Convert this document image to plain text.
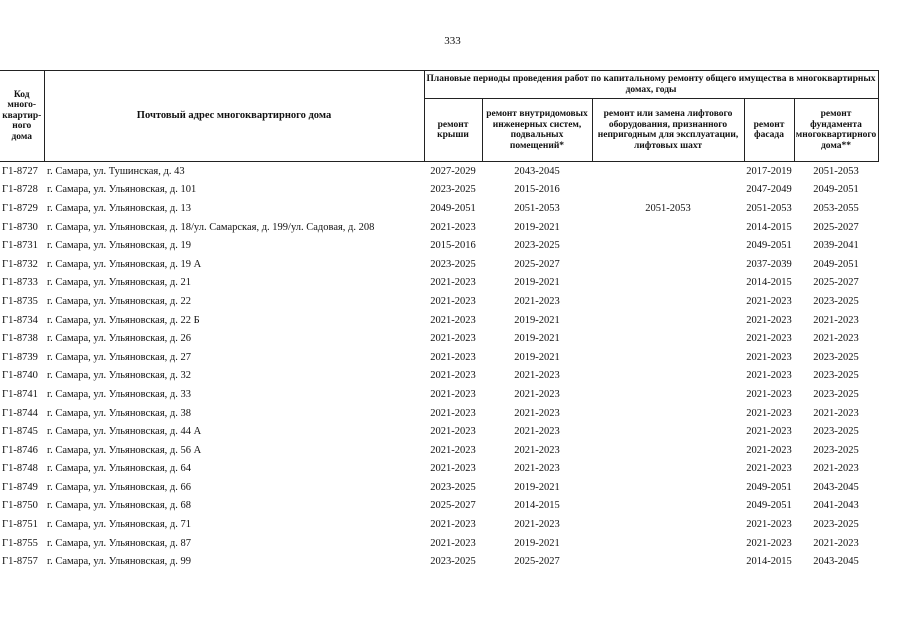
333
Код много-квартир-ного дома	Почтовый адрес многоквартирного дома	Плановые периоды проведения работ по капитальному ремонту общего имущества в многоквартирных домах, годы				
		ремонт крыши	ремонт внутридомовых инженерных систем, подвальных помещений*	ремонт или замена лифтового оборудования, признанного непригодным для эксплуатации, лифтовых шахт	ремонт фасада	ремонт фундамента многоквартирного дома**
Г1-8727	г. Самара, ул. Тушинская, д. 43	2027-2029	2043-2045		2017-2019	2051-2053
Г1-8728	г. Самара, ул. Ульяновская, д. 101	2023-2025	2015-2016		2047-2049	2049-2051
Г1-8729	г. Самара, ул. Ульяновская, д. 13	2049-2051	2051-2053	2051-2053	2051-2053	2053-2055
Г1-8730	г. Самара, ул. Ульяновская, д. 18/ул. Самарская, д. 199/ул. Садовая, д. 208	2021-2023	2019-2021		2014-2015	2025-2027
Г1-8731	г. Самара, ул. Ульяновская, д. 19	2015-2016	2023-2025		2049-2051	2039-2041
Г1-8732	г. Самара, ул. Ульяновская, д. 19 А	2023-2025	2025-2027		2037-2039	2049-2051
Г1-8733	г. Самара, ул. Ульяновская, д. 21	2021-2023	2019-2021		2014-2015	2025-2027
Г1-8735	г. Самара, ул. Ульяновская, д. 22	2021-2023	2021-2023		2021-2023	2023-2025
Г1-8734	г. Самара, ул. Ульяновская, д. 22 Б	2021-2023	2019-2021		2021-2023	2021-2023
Г1-8738	г. Самара, ул. Ульяновская, д. 26	2021-2023	2019-2021		2021-2023	2021-2023
Г1-8739	г. Самара, ул. Ульяновская, д. 27	2021-2023	2019-2021		2021-2023	2023-2025
Г1-8740	г. Самара, ул. Ульяновская, д. 32	2021-2023	2021-2023		2021-2023	2023-2025
Г1-8741	г. Самара, ул. Ульяновская, д. 33	2021-2023	2021-2023		2021-2023	2023-2025
Г1-8744	г. Самара, ул. Ульяновская, д. 38	2021-2023	2021-2023		2021-2023	2021-2023
Г1-8745	г. Самара, ул. Ульяновская, д. 44 А	2021-2023	2021-2023		2021-2023	2023-2025
Г1-8746	г. Самара, ул. Ульяновская, д. 56 А	2021-2023	2021-2023		2021-2023	2023-2025
Г1-8748	г. Самара, ул. Ульяновская, д. 64	2021-2023	2021-2023		2021-2023	2021-2023
Г1-8749	г. Самара, ул. Ульяновская, д. 66	2023-2025	2019-2021		2049-2051	2043-2045
Г1-8750	г. Самара, ул. Ульяновская, д. 68	2025-2027	2014-2015		2049-2051	2041-2043
Г1-8751	г. Самара, ул. Ульяновская, д. 71	2021-2023	2021-2023		2021-2023	2023-2025
Г1-8755	г. Самара, ул. Ульяновская, д. 87	2021-2023	2019-2021		2021-2023	2021-2023
Г1-8757	г. Самара, ул. Ульяновская, д. 99	2023-2025	2025-2027		2014-2015	2043-2045
